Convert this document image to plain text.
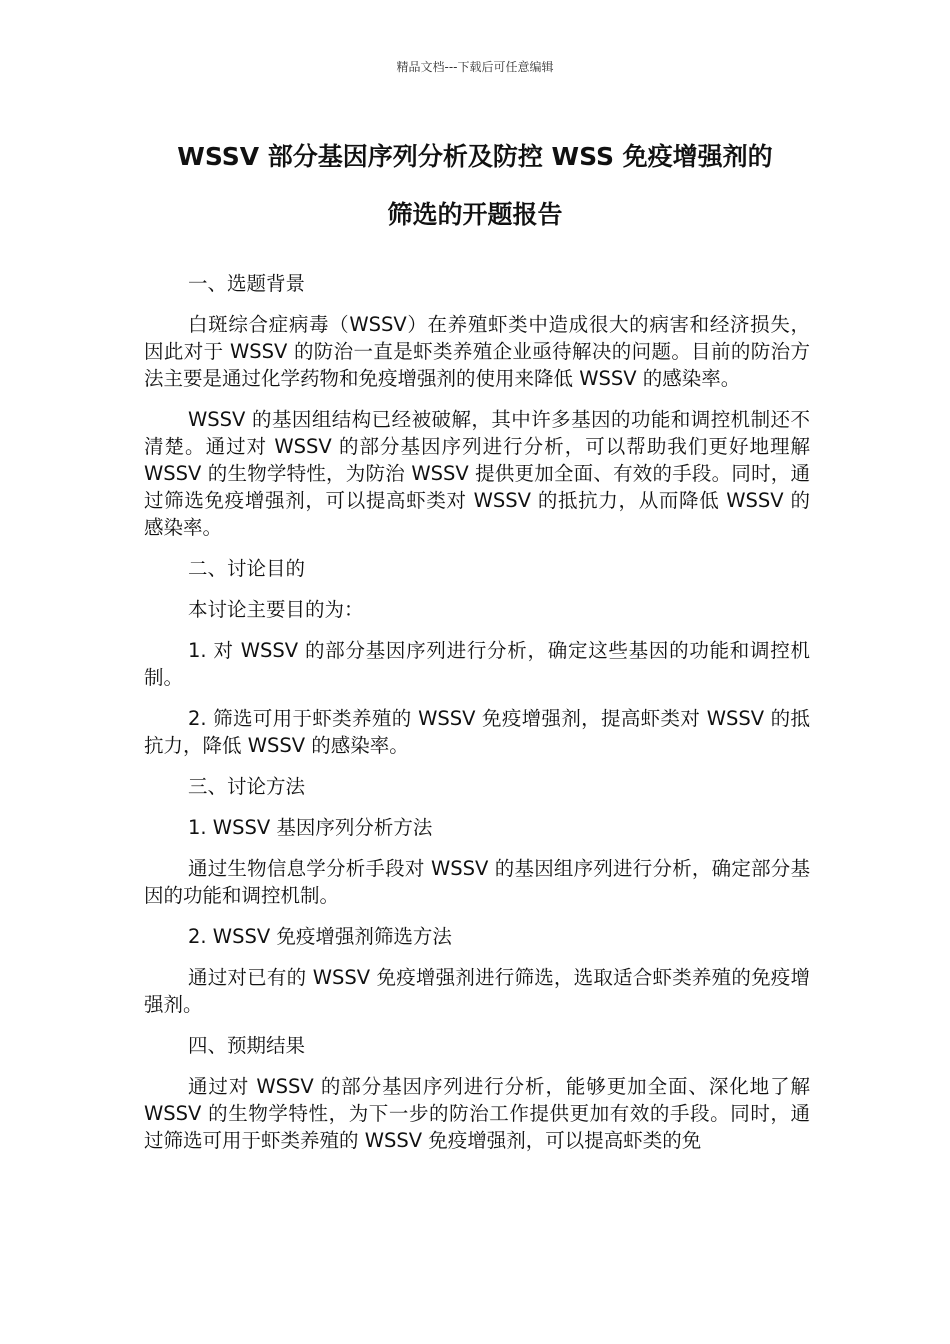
精品文档---下载后可任意编辑
WSSV 部分基因序列分析及防控 WSS 免疫增强剂的
筛选的开题报告

一、选题背景

白斑综合症病毒（WSSV）在养殖虾类中造成很大的病害和经济损失，因此对于 WSSV 的防治一直是虾类养殖企业亟待解决的问题。目前的防治方法主要是通过化学药物和免疫增强剂的使用来降低 WSSV 的感染率。

WSSV 的基因组结构已经被破解，其中许多基因的功能和调控机制还不清楚。通过对 WSSV 的部分基因序列进行分析，可以帮助我们更好地理解 WSSV 的生物学特性，为防治 WSSV 提供更加全面、有效的手段。同时，通过筛选免疫增强剂，可以提高虾类对 WSSV 的抵抗力，从而降低 WSSV 的感染率。

二、讨论目的

本讨论主要目的为：

1. 对 WSSV 的部分基因序列进行分析，确定这些基因的功能和调控机制。

2. 筛选可用于虾类养殖的 WSSV 免疫增强剂，提高虾类对 WSSV 的抵抗力，降低 WSSV 的感染率。

三、讨论方法

1. WSSV 基因序列分析方法

通过生物信息学分析手段对 WSSV 的基因组序列进行分析，确定部分基因的功能和调控机制。

2. WSSV 免疫增强剂筛选方法

通过对已有的 WSSV 免疫增强剂进行筛选，选取适合虾类养殖的免疫增强剂。

四、预期结果

通过对 WSSV 的部分基因序列进行分析，能够更加全面、深化地了解 WSSV 的生物学特性，为下一步的防治工作提供更加有效的手段。同时，通过筛选可用于虾类养殖的 WSSV 免疫增强剂，可以提高虾类的免
